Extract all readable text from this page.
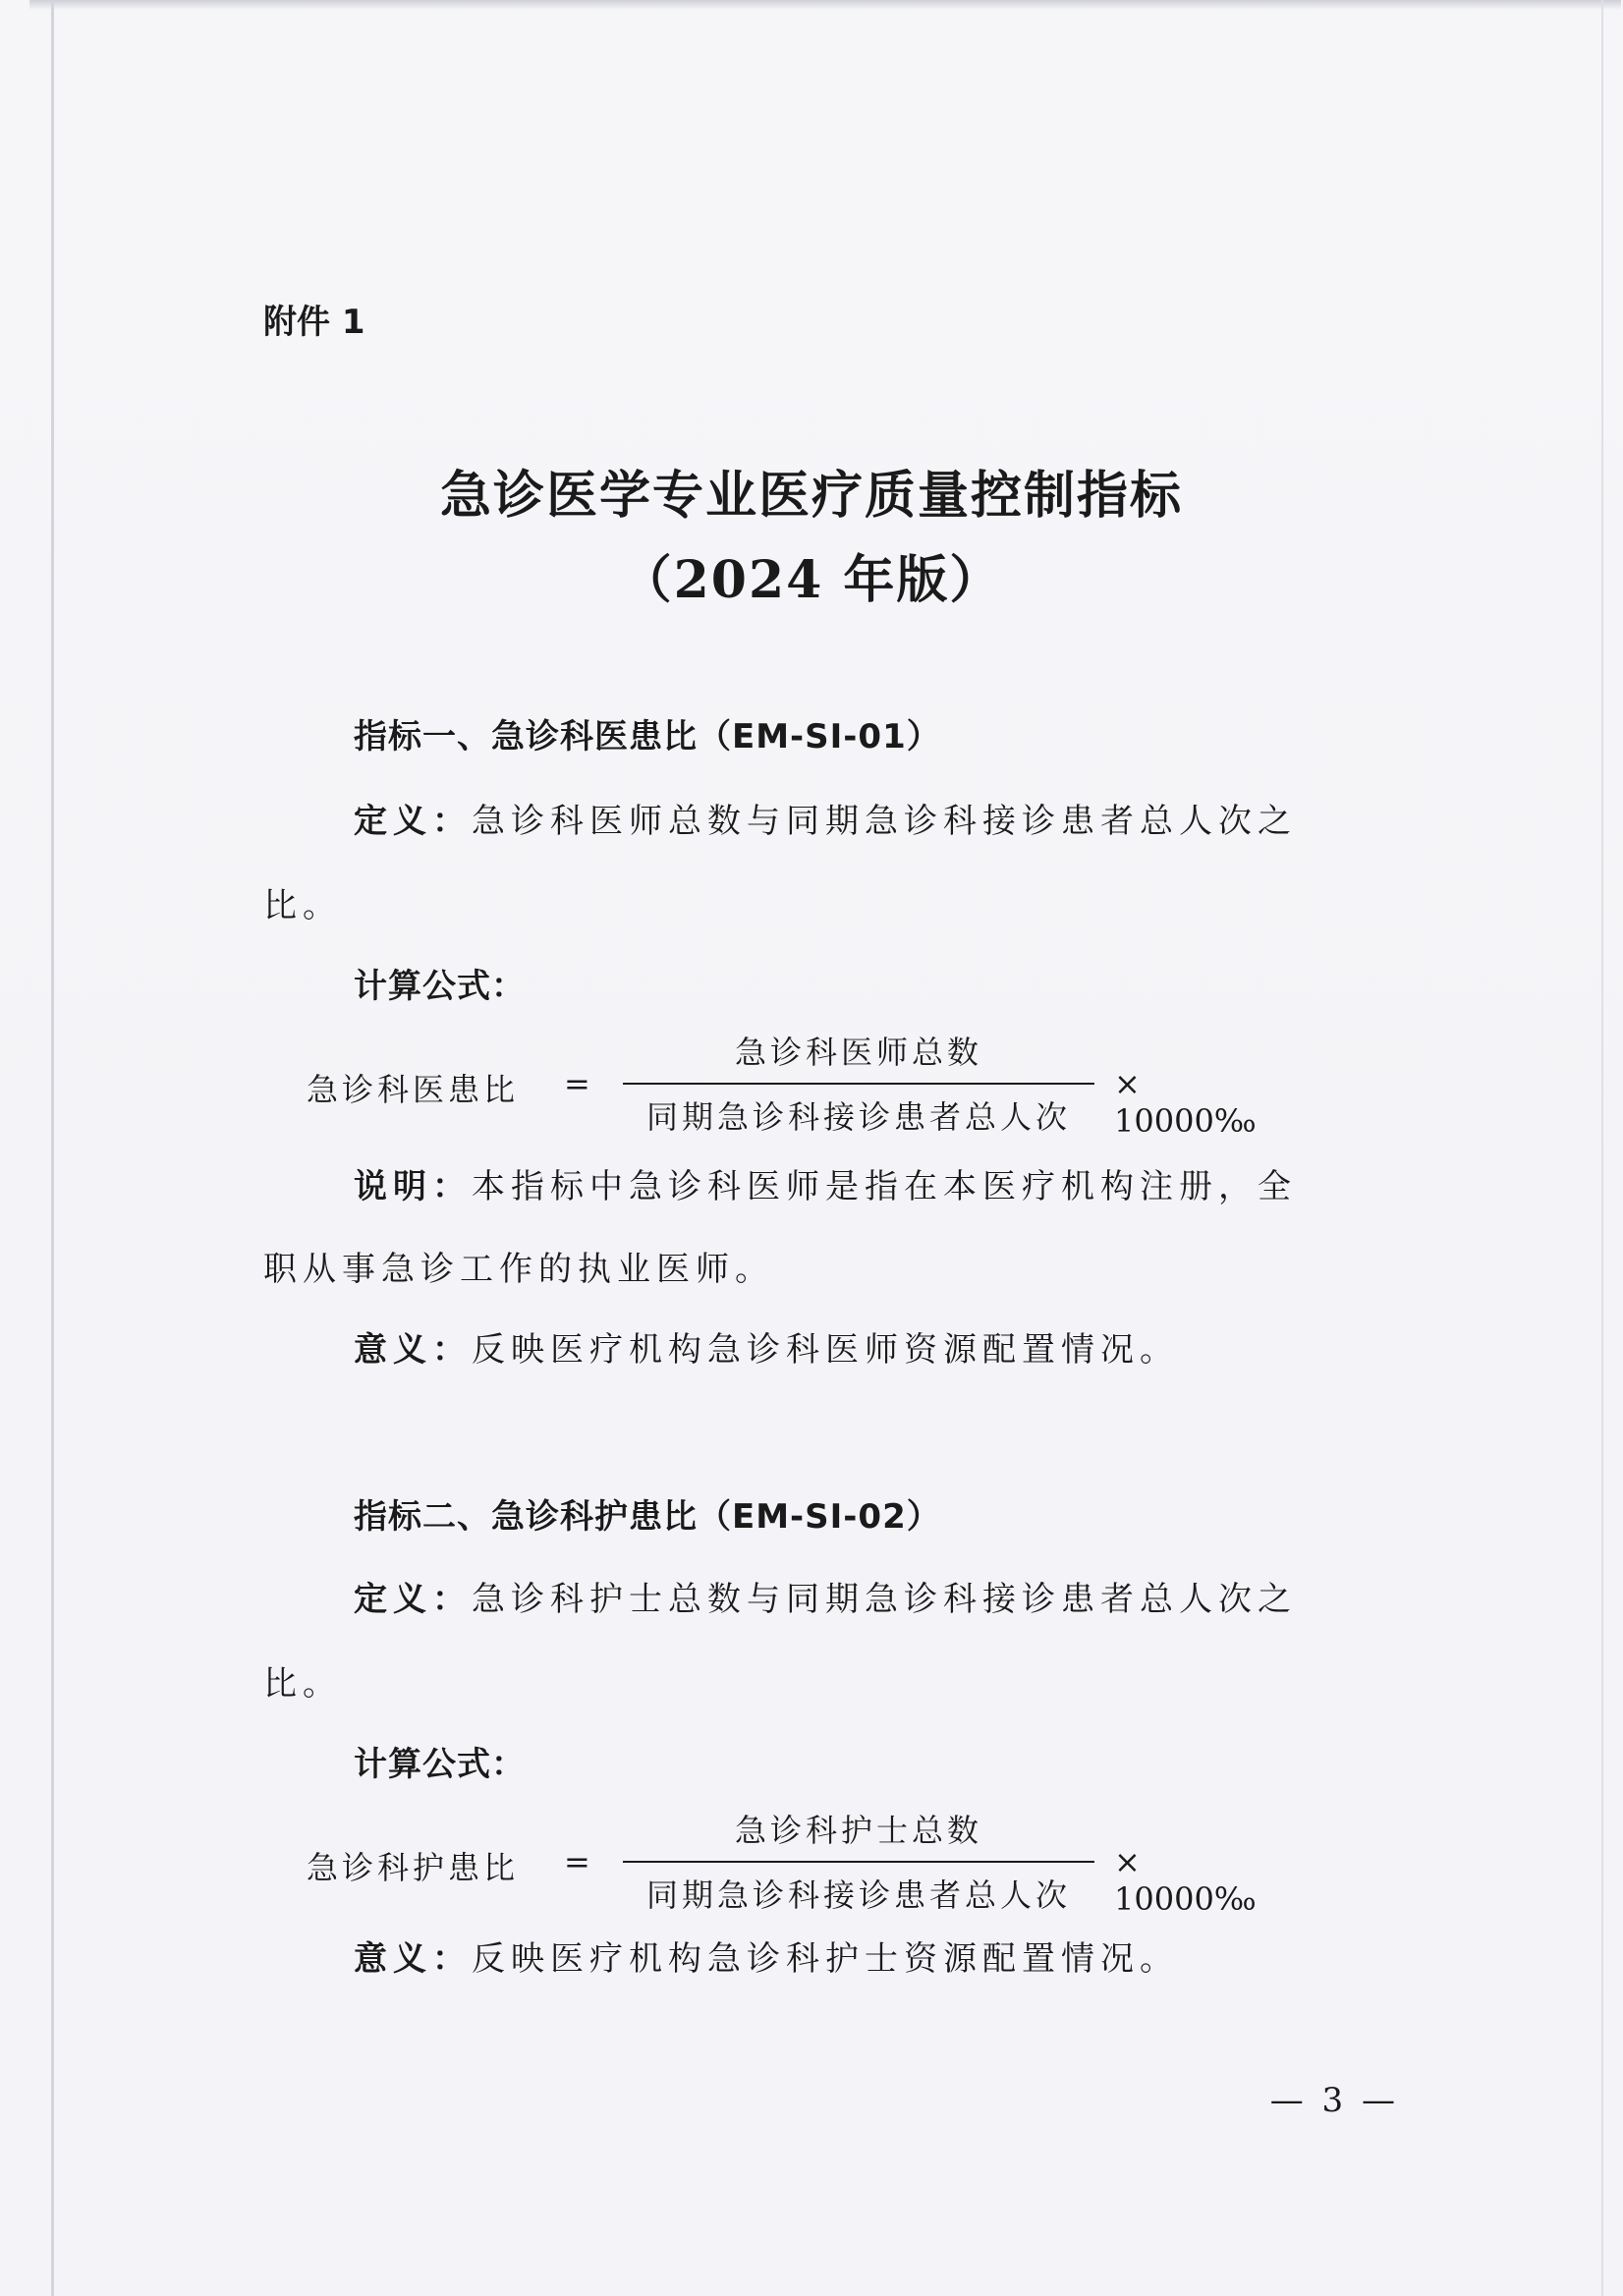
附件 1
急诊医学专业医疗质量控制指标
（2024 年版）
指标一、急诊科医患比（EM-SI-01）
定义：急诊科医师总数与同期急诊科接诊患者总人次之
比。
计算公式：
急诊科医患比 =
急诊科医师总数
同期急诊科接诊患者总人次
× 10000‰
说明：本指标中急诊科医师是指在本医疗机构注册，全
职从事急诊工作的执业医师。
意义：反映医疗机构急诊科医师资源配置情况。
指标二、急诊科护患比（EM-SI-02）
定义：急诊科护士总数与同期急诊科接诊患者总人次之
比。
计算公式：
急诊科护患比 =
急诊科护士总数
同期急诊科接诊患者总人次
× 10000‰
意义：反映医疗机构急诊科护士资源配置情况。
— 3 —
